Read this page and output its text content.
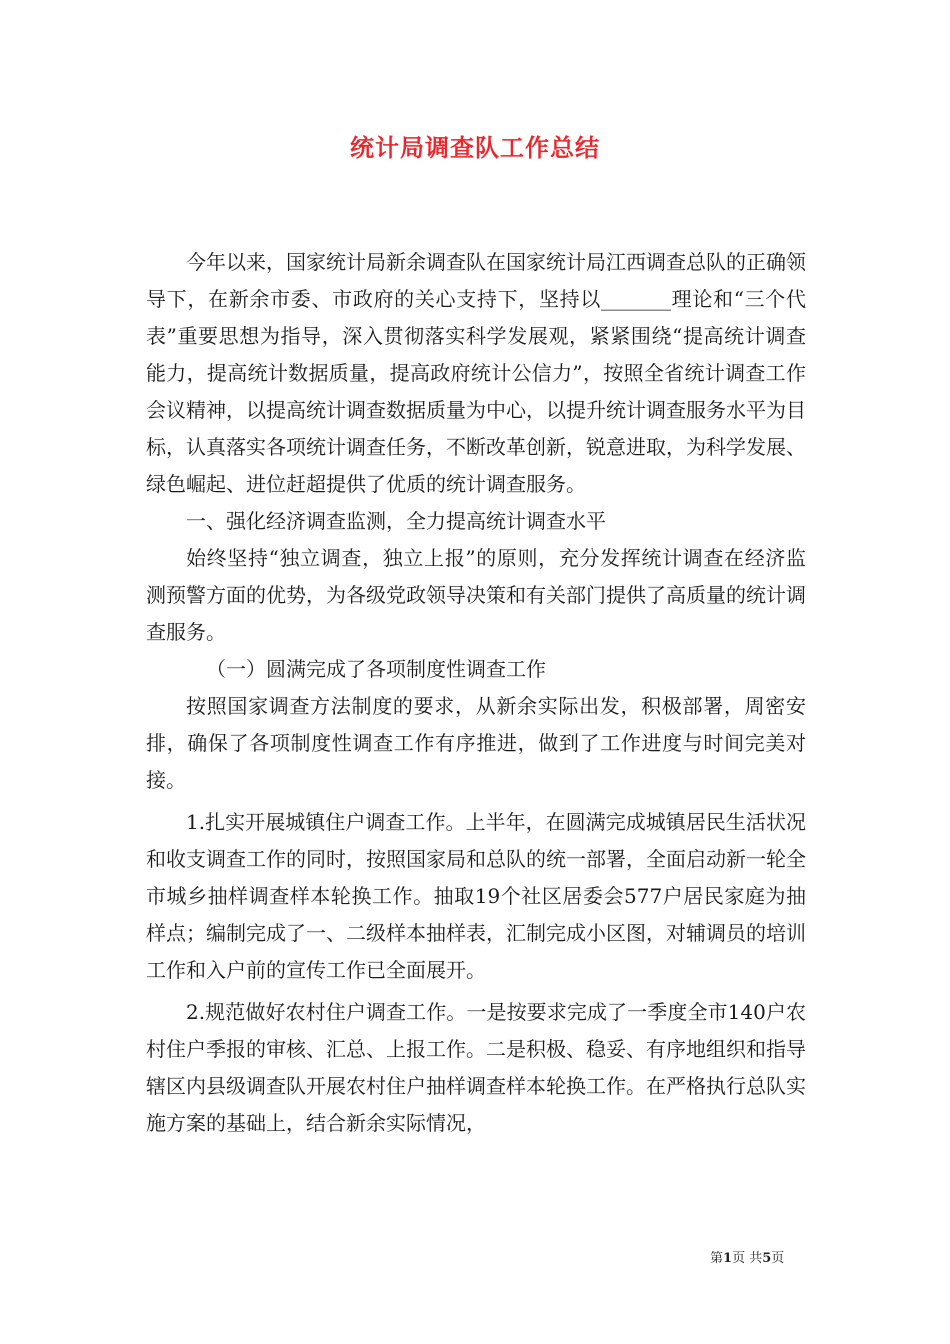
统计局调查队工作总结

今年以来，国家统计局新余调查队在国家统计局江西调查总队的正确领导下，在新余市委、市政府的关心支持下，坚持以_______理论和“三个代表”重要思想为指导，深入贯彻落实科学发展观，紧紧围绕“提高统计调查能力，提高统计数据质量，提高政府统计公信力”，按照全省统计调查工作会议精神，以提高统计调查数据质量为中心，以提升统计调查服务水平为目标，认真落实各项统计调查任务，不断改革创新，锐意进取，为科学发展、绿色崛起、进位赶超提供了优质的统计调查服务。

一、强化经济调查监测，全力提高统计调查水平

始终坚持“独立调查，独立上报”的原则，充分发挥统计调查在经济监测预警方面的优势，为各级党政领导决策和有关部门提供了高质量的统计调查服务。

（一）圆满完成了各项制度性调查工作

按照国家调查方法制度的要求，从新余实际出发，积极部署，周密安排，确保了各项制度性调查工作有序推进，做到了工作进度与时间完美对接。

1.扎实开展城镇住户调查工作。上半年，在圆满完成城镇居民生活状况和收支调查工作的同时，按照国家局和总队的统一部署，全面启动新一轮全市城乡抽样调查样本轮换工作。抽取19个社区居委会577户居民家庭为抽样点；编制完成了一、二级样本抽样表，汇制完成小区图，对辅调员的培训工作和入户前的宣传工作已全面展开。

2.规范做好农村住户调查工作。一是按要求完成了一季度全市140户农村住户季报的审核、汇总、上报工作。二是积极、稳妥、有序地组织和指导辖区内县级调查队开展农村住户抽样调查样本轮换工作。在严格执行总队实施方案的基础上，结合新余实际情况，

第1页 共5页
